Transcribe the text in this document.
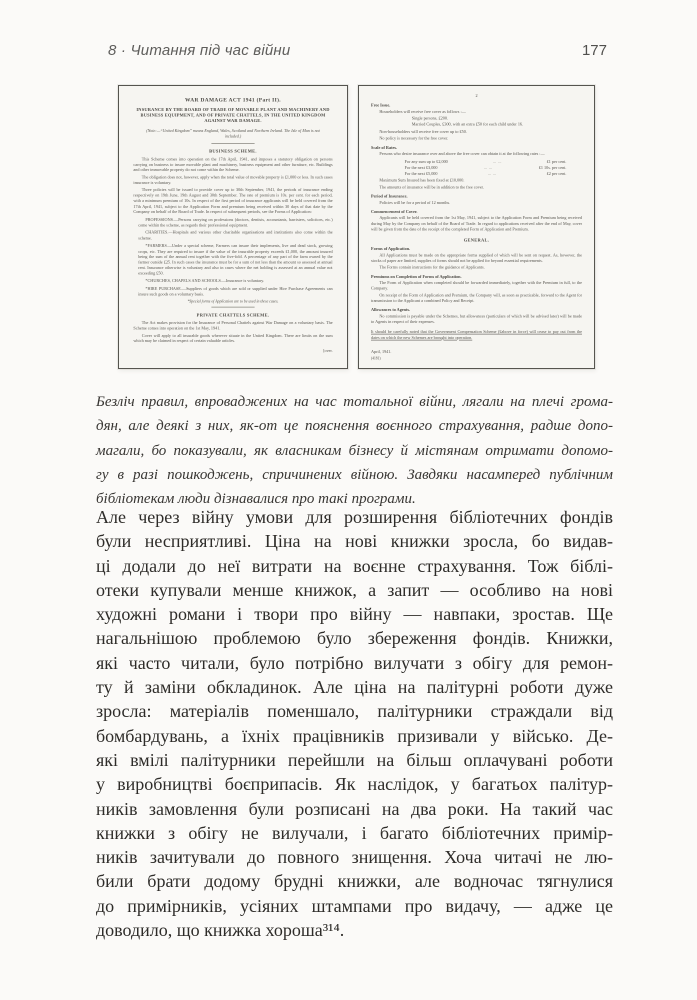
8 · Читання під час війни	177
WAR DAMAGE ACT 1941 (Part II).
INSURANCE BY THE BOARD OF TRADE OF MOVABLE PLANT AND MACHINERY AND BUSINESS EQUIPMENT, AND OF PRIVATE CHATTELS, IN THE UNITED KINGDOM AGAINST WAR DAMAGE.
(Note:—“United Kingdom” means England, Wales, Scotland and Northern Ireland. The Isle of Man is not included.)
BUSINESS SCHEME.
This Scheme comes into operation on the 17th April, 1941, and imposes a statutory obligation on persons carrying on business to insure movable plant and machinery, business equipment and other furniture, etc. Buildings and other immovable property do not come within the Scheme.
The obligation does not, however, apply when the total value of movable property is £1,000 or less. In such cases insurance is voluntary.
Three policies will be issued to provide cover up to 30th September, 1941, the periods of insurance ending respectively on 19th June, 19th August and 30th September. The rate of premium is 10s. per cent. for each period, with a minimum premium of 10s. In respect of the first period of insurance applicants will be held covered from the 17th April, 1941, subject to the Application Form and premium being received within 30 days of that date by the Company on behalf of the Board of Trade. In respect of subsequent periods, see the Forms of Application:
PROFESSIONS.—Persons carrying on professions (doctors, dentists, accountants, barristers, solicitors, etc.) come within the scheme, as regards their professional equipment.
CHARITIES.—Hospitals and various other charitable organisations and institutions also come within the scheme.
*FARMERS.—Under a special scheme, Farmers can insure their implements, live and dead stock, growing crops, etc. They are required to insure if the value of the insurable property exceeds £1,000, the amount insured being the sum of the annual rent together with the five-fold. A percentage of any part of the farm owned by the farmer outside £25. In such cases the insurance must be for a sum of not less than the amount so assessed at annual rent. Insurance otherwise is voluntary and also in cases where the net holding is assessed at an annual value not exceeding £50.
*CHURCHES, CHAPELS AND SCHOOLS.—Insurance is voluntary.
*HIRE PURCHASE.—Suppliers of goods which are sold or supplied under Hire Purchase Agreements can insure such goods on a voluntary basis.
*Special forms of Application are to be used in these cases.
PRIVATE CHATTELS SCHEME.
The Act makes provision for the Insurance of Personal Chattels against War Damage on a voluntary basis. The Scheme comes into operation on the 1st May, 1941.
Cover will apply to all insurable goods wherever situate in the United Kingdom. There are limits on the sum which may be claimed in respect of certain valuable articles.
[over.
2
Free Issue.
Householders will receive free cover as follows :—
Single persons, £200.
Married Couples, £300, with an extra £50 for each child under 16.
Non-householders will receive free cover up to £50.
No policy is necessary for the free cover.
Scale of Rates.
Persons who desire insurance over and above the free cover can obtain it at the following rates :—
For any sum up to £2,000	... ...	£1 per cent.
For the next £3,000	... ...	£1 10s. per cent.
For the next £5,000	... ...	£2 per cent.
Maximum Sum Insured has been fixed at £10,000.
The amounts of insurance will be in addition to the free cover.
Period of Insurance.
Policies will be for a period of 12 months.
Commencement of Cover.
Applicants will be held covered from the 1st May, 1941, subject to the Application Form and Premium being received during May by the Company on behalf of the Board of Trade. In regard to applications received after the end of May, cover will be given from the date of the receipt of the completed Form of Application and Premium.
GENERAL.
Forms of Application.
All Applications must be made on the appropriate forms supplied of which will be sent on request. As, however, the stocks of paper are limited, supplies of forms should not be applied for beyond essential requirements.
The Forms contain instructions for the guidance of Applicants.
Premiums on Completion of Forms of Application.
The Form of Application when completed should be forwarded immediately, together with the Premium in full, to the Company.
On receipt of the Form of Application and Premium, the Company will, as soon as practicable, forward to the Agent for transmission to the Applicant a combined Policy and Receipt.
Allowances to Agents.
No commission is payable under the Schemes, but allowances (particulars of which will be advised later) will be made to Agents in respect of their expenses.
It should be carefully noted that the Government Compensation Scheme (£above in force) will cease to pay out from the dates on which the new Schemes are brought into operation.
April, 1941.
(4181)
Безліч правил, впроваджених на час тотальної війни, лягали на плечі грома-
дян, але деякі з них, як-от це пояснення воєнного страхування, радше допо-
магали, бо показували, як власникам бізнесу й містянам отримати допомо-
гу в разі пошкоджень, спричинених війною. Завдяки насамперед публічним
бібліотекам люди дізнавалися про такі програми.
Але через війну умови для розширення бібліотечних фондів
були несприятливі. Ціна на нові книжки зросла, бо видав-
ці додали до неї витрати на воєнне страхування. Тож біблі-
отеки купували менше книжок, а запит — особливо на нові
художні романи і твори про війну — навпаки, зростав. Ще
нагальнішою проблемою було збереження фондів. Книжки,
які часто читали, було потрібно вилучати з обігу для ремон-
ту й заміни обкладинок. Але ціна на палітурні роботи дуже
зросла: матеріалів поменшало, палітурники страждали від
бомбардувань, а їхніх працівників призивали у військо. Де-
які вмілі палітурники перейшли на більш оплачувані роботи
у виробництві боєприпасів. Як наслідок, у багатьох палітур-
ників замовлення були розписані на два роки. На такий час
книжки з обігу не вилучали, і багато бібліотечних примір-
ників зачитували до повного знищення. Хоча читачі не лю-
били брати додому брудні книжки, але водночас тягнулися
до примірників, усіяних штампами про видачу, — адже це
доводило, що книжка хороша³¹⁴.
